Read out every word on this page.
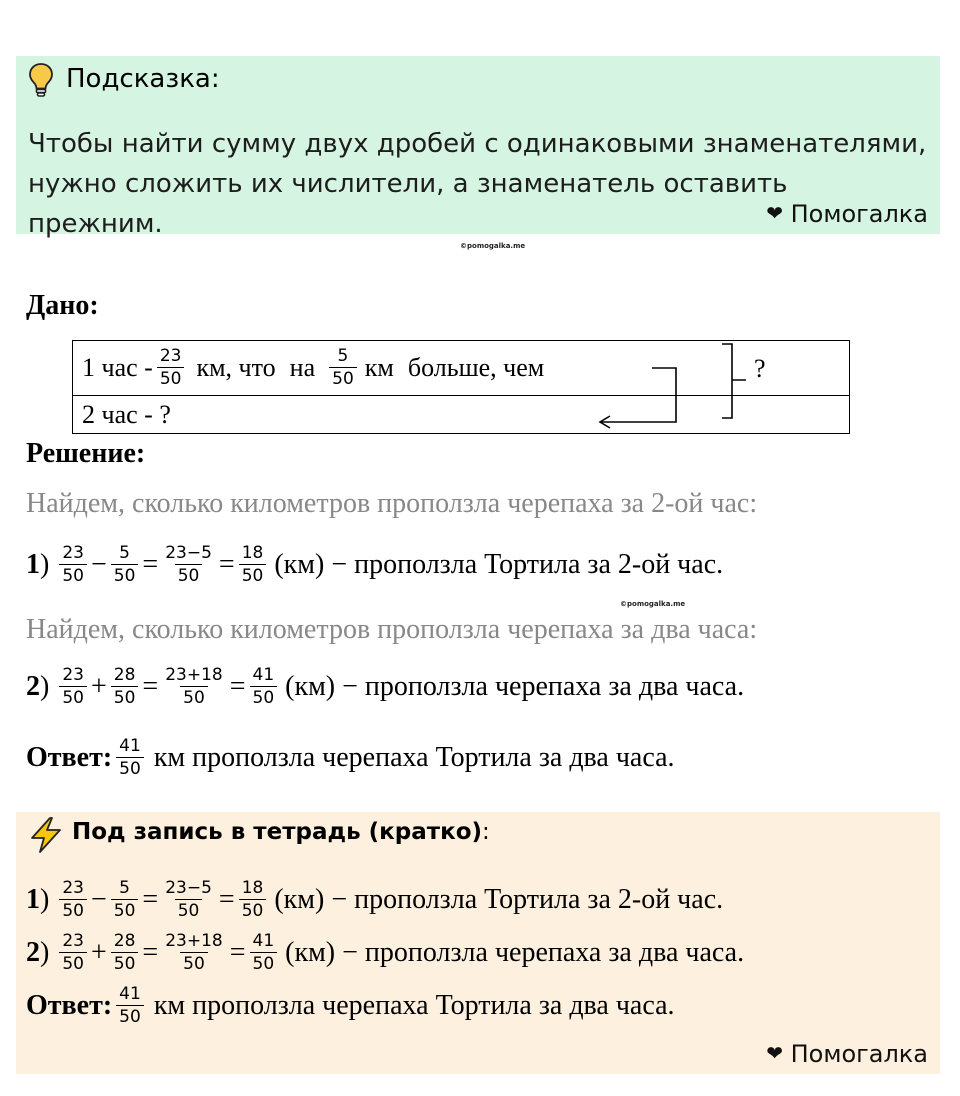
Подсказка:
Чтобы найти сумму двух дробей с одинаковыми знаменателями,
нужно сложить их числители, а знаменатель оставить прежним.	❤ Помогалка
©pomogalka.me
Дано:
1 час - $\frac{23}{50}$ км, что на $\frac{5}{50}$ км больше, чем
2 час - ?
?
Решение:
Найдем, сколько километров проползла черепаха за 2-ой час:
1 ) $\frac{23}{50} - \frac{5}{50} = \frac{23-5}{50} = \frac{18}{50} (км)$ − проползла Тортила за 2-ой час.
©pomogalka.me
Найдем, сколько километров проползла черепаха за два часа:
2 ) $\frac{23}{50} + \frac{28}{50} = \frac{23+18}{50} = \frac{41}{50} (км)$ − проползла черепаха за два часа.
Ответ: $\frac{41}{50}$ км проползла черепаха Тортила за два часа.
Под запись в тетрадь (кратко):
1 ) $\frac{23}{50} - \frac{5}{50} = \frac{23-5}{50} = \frac{18}{50} (км)$ − проползла Тортила за 2-ой час.
2 ) $\frac{23}{50} + \frac{28}{50} = \frac{23+18}{50} = \frac{41}{50} (км)$ − проползла черепаха за два часа.
Ответ: $\frac{41}{50}$ км проползла черепаха Тортила за два часа.
❤ Помогалка
